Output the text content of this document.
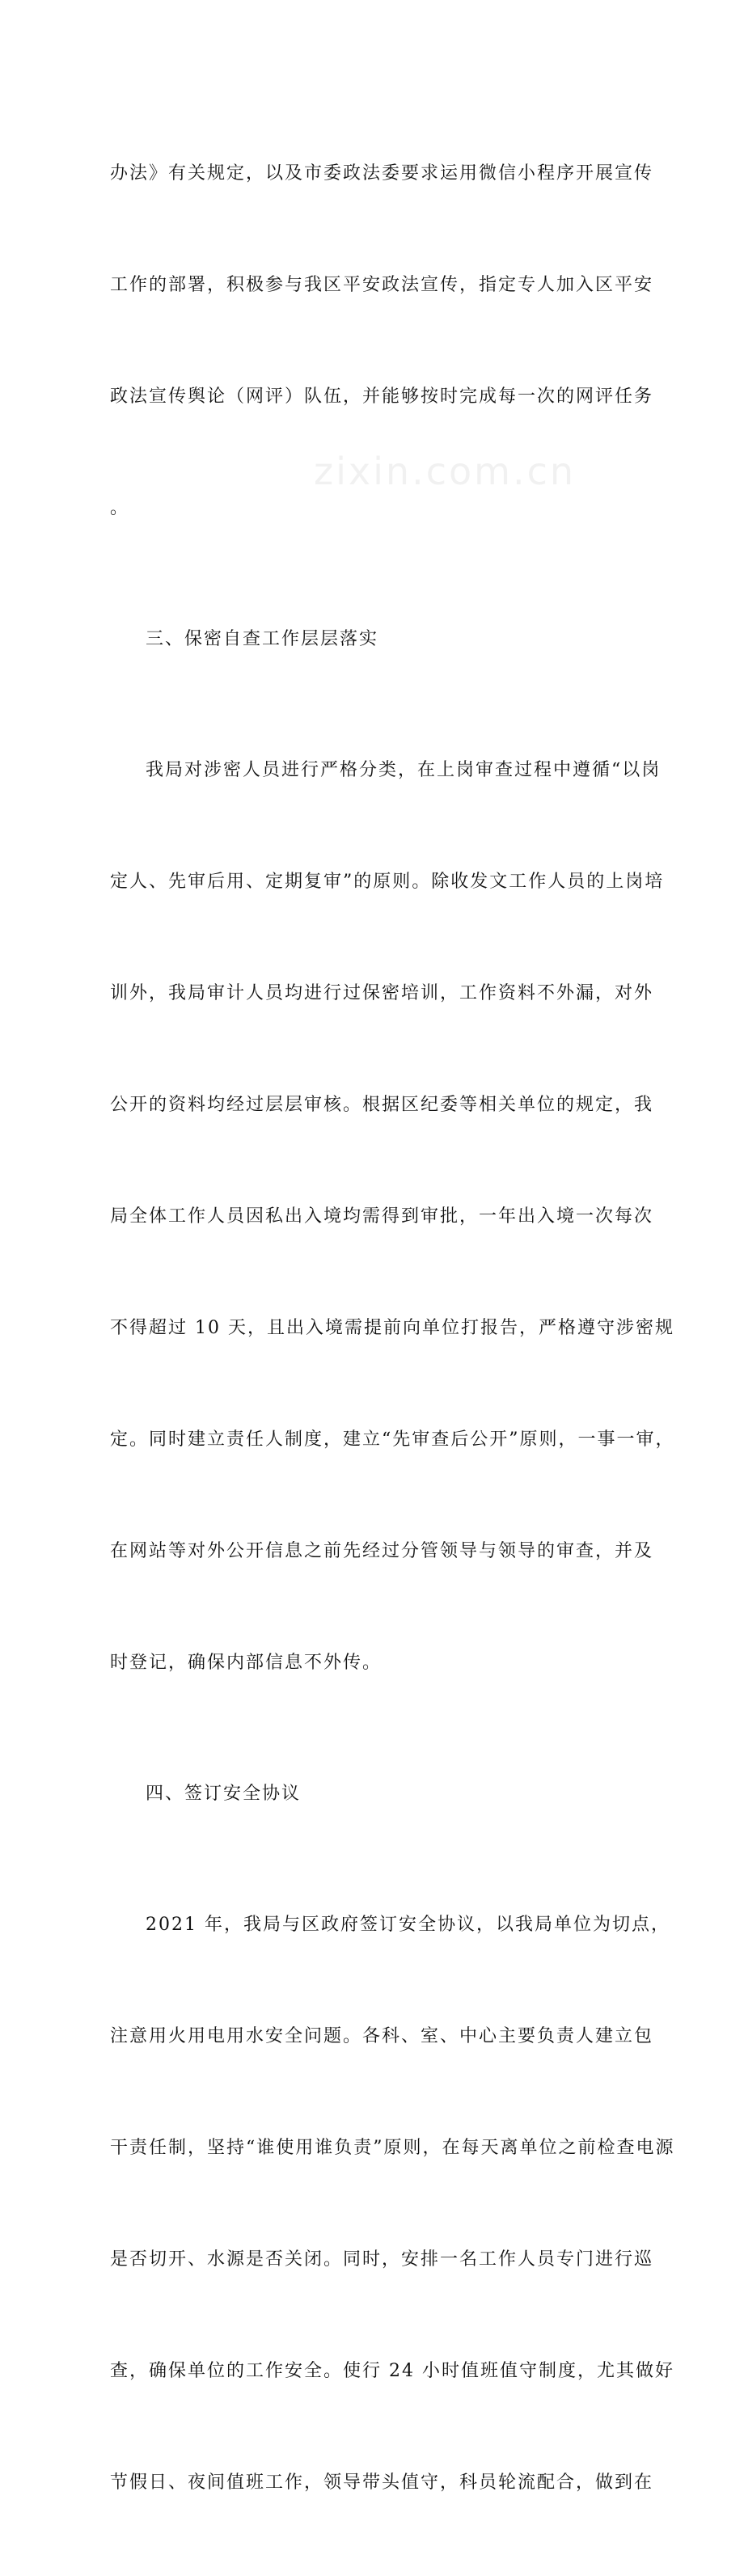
zixin.com.cn

办法》有关规定，以及市委政法委要求运用微信小程序开展宣传

工作的部署，积极参与我区平安政法宣传，指定专人加入区平安

政法宣传舆论（网评）队伍，并能够按时完成每一次的网评任务

。

三、保密自查工作层层落实

我局对涉密人员进行严格分类，在上岗审查过程中遵循“以岗

定人、先审后用、定期复审”的原则。除收发文工作人员的上岗培

训外，我局审计人员均进行过保密培训，工作资料不外漏，对外

公开的资料均经过层层审核。根据区纪委等相关单位的规定，我

局全体工作人员因私出入境均需得到审批，一年出入境一次每次

不得超过 10 天，且出入境需提前向单位打报告，严格遵守涉密规

定。同时建立责任人制度，建立“先审查后公开”原则，一事一审，

在网站等对外公开信息之前先经过分管领导与领导的审查，并及

时登记，确保内部信息不外传。

四、签订安全协议

2021 年，我局与区政府签订安全协议，以我局单位为切点，

注意用火用电用水安全问题。各科、室、中心主要负责人建立包

干责任制，坚持“谁使用谁负责”原则，在每天离单位之前检查电源

是否切开、水源是否关闭。同时，安排一名工作人员专门进行巡

查，确保单位的工作安全。使行 24 小时值班值守制度，尤其做好

节假日、夜间值班工作，领导带头值守，科员轮流配合，做到在
